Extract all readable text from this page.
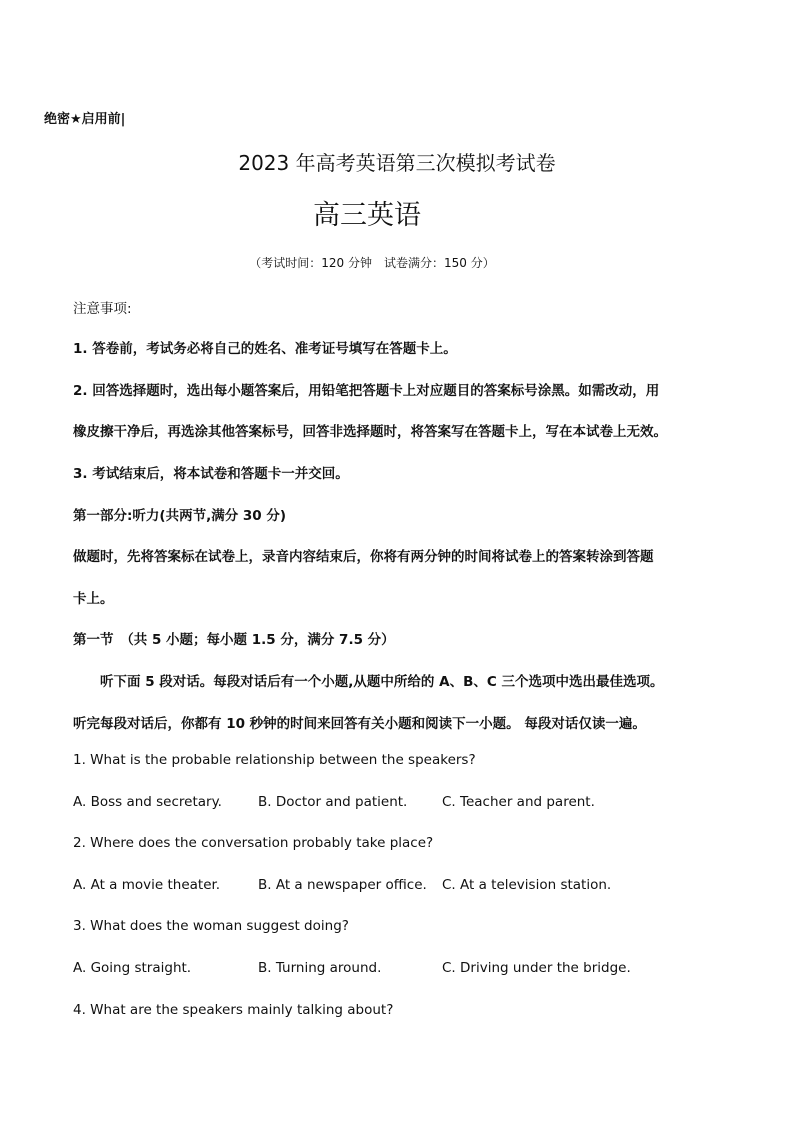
绝密★启用前|
2023 年高考英语第三次模拟考试卷
高三英语
（考试时间：120 分钟　试卷满分：150 分）
注意事项:
1. 答卷前，考试务必将自己的姓名、准考证号填写在答题卡上。
2. 回答选择题时，选出每小题答案后，用铅笔把答题卡上对应题目的答案标号涂黑。如需改动，用
橡皮擦干净后，再选涂其他答案标号，回答非选择题时，将答案写在答题卡上，写在本试卷上无效。
3. 考试结束后，将本试卷和答题卡一并交回。
第一部分:听力(共两节,满分 30 分)
做题时，先将答案标在试卷上，录音内容结束后，你将有两分钟的时间将试卷上的答案转涂到答题
卡上。
第一节　（共 5 小题；每小题 1.5 分，满分 7.5 分）
听下面 5 段对话。每段对话后有一个小题,从题中所给的 A、B、C 三个选项中选出最佳选项。
听完每段对话后，你都有 10 秒钟的时间来回答有关小题和阅读下一小题。 每段对话仅读一遍。
1. What is the probable relationship between the speakers?
A. Boss and secretary.	B. Doctor and patient.	C. Teacher and parent.
2. Where does the conversation probably take place?
A. At a movie theater.	B. At a newspaper office. C. At a television station.
3. What does the woman suggest doing?
A. Going straight.	B. Turning around.	C. Driving under the bridge.
4. What are the speakers mainly talking about?
